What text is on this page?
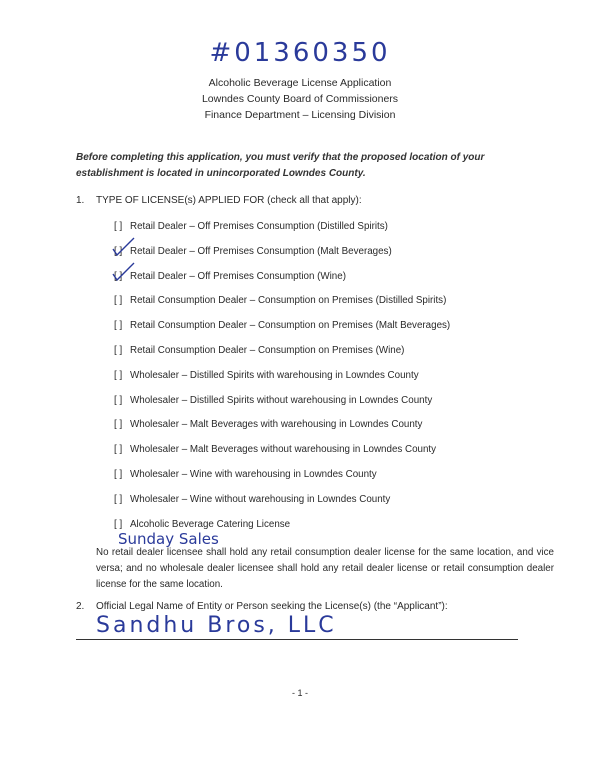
#01360350
Alcoholic Beverage License Application
Lowndes County Board of Commissioners
Finance Department – Licensing Division
Before completing this application, you must verify that the proposed location of your establishment is located in unincorporated Lowndes County.
1. TYPE OF LICENSE(s) APPLIED FOR (check all that apply):
[ ] Retail Dealer – Off Premises Consumption (Distilled Spirits)
[ ] Retail Dealer – Off Premises Consumption (Malt Beverages)
[ ] Retail Dealer – Off Premises Consumption (Wine)
[ ] Retail Consumption Dealer – Consumption on Premises (Distilled Spirits)
[ ] Retail Consumption Dealer – Consumption on Premises (Malt Beverages)
[ ] Retail Consumption Dealer – Consumption on Premises (Wine)
[ ] Wholesaler – Distilled Spirits with warehousing in Lowndes County
[ ] Wholesaler – Distilled Spirits without warehousing in Lowndes County
[ ] Wholesaler – Malt Beverages with warehousing in Lowndes County
[ ] Wholesaler – Malt Beverages without warehousing in Lowndes County
[ ] Wholesaler – Wine with warehousing in Lowndes County
[ ] Wholesaler – Wine without warehousing in Lowndes County
[ ] Alcoholic Beverage Catering License
Sunday Sales
No retail dealer licensee shall hold any retail consumption dealer license for the same location, and vice versa; and no wholesale dealer licensee shall hold any retail dealer license or retail consumption dealer license for the same location.
2. Official Legal Name of Entity or Person seeking the License(s) (the “Applicant”):
Sandhu Bros, LLC
- 1 -
